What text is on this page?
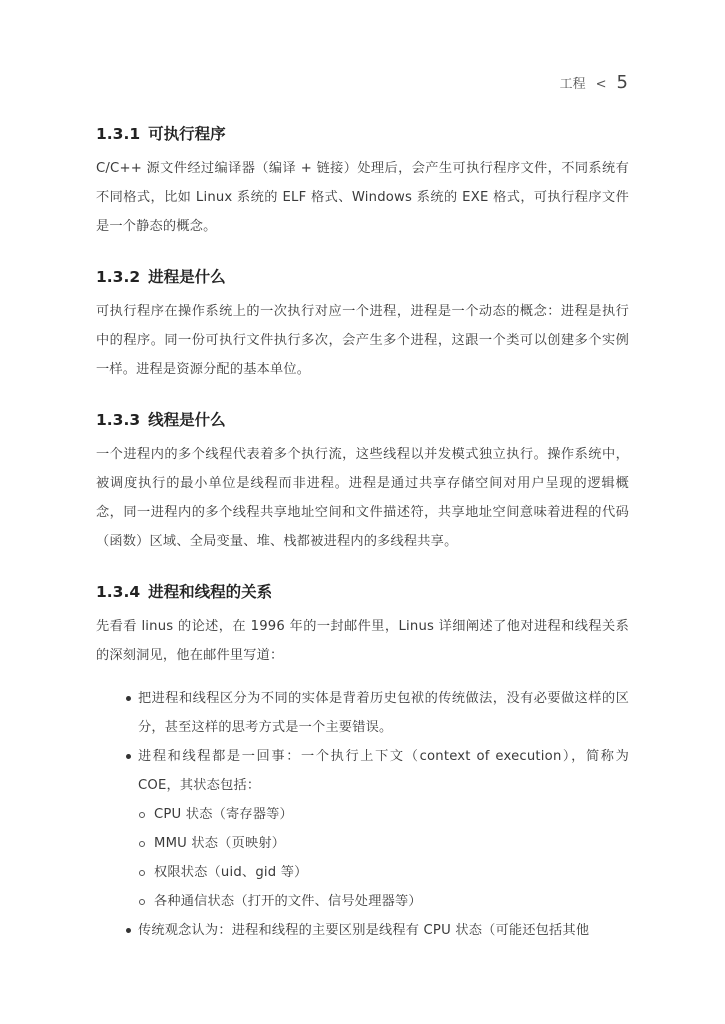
工程 < 5
1.3.1 可执行程序

C/C++ 源文件经过编译器（编译 + 链接）处理后，会产生可执行程序文件，不同系统有不同格式，比如 Linux 系统的 ELF 格式、Windows 系统的 EXE 格式，可执行程序文件是一个静态的概念。

1.3.2 进程是什么

可执行程序在操作系统上的一次执行对应一个进程，进程是一个动态的概念：进程是执行中的程序。同一份可执行文件执行多次，会产生多个进程，这跟一个类可以创建多个实例一样。进程是资源分配的基本单位。

1.3.3 线程是什么

一个进程内的多个线程代表着多个执行流，这些线程以并发模式独立执行。操作系统中，被调度执行的最小单位是线程而非进程。进程是通过共享存储空间对用户呈现的逻辑概念，同一进程内的多个线程共享地址空间和文件描述符，共享地址空间意味着进程的代码（函数）区域、全局变量、堆、栈都被进程内的多线程共享。

1.3.4 进程和线程的关系

先看看 linus 的论述，在 1996 年的一封邮件里，Linus 详细阐述了他对进程和线程关系的深刻洞见，他在邮件里写道：

把进程和线程区分为不同的实体是背着历史包袱的传统做法，没有必要做这样的区分，甚至这样的思考方式是一个主要错误。
进程和线程都是一回事：一个执行上下文（context of execution），简称为 COE，其状态包括：
CPU 状态（寄存器等）
MMU 状态（页映射）
权限状态（uid、gid 等）
各种通信状态（打开的文件、信号处理器等）
传统观念认为：进程和线程的主要区别是线程有 CPU 状态（可能还包括其他
